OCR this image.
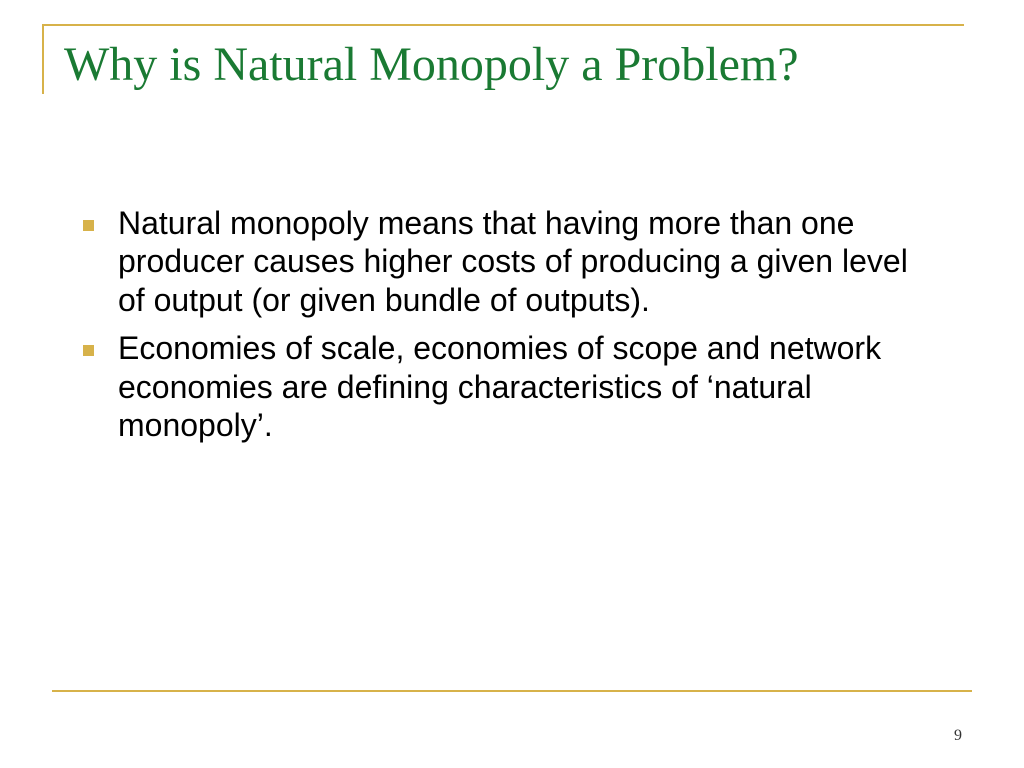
Why is Natural Monopoly a Problem?
Natural monopoly means that having more than one producer causes higher costs of producing a given level of output (or given bundle of outputs).
Economies of scale, economies of scope and network economies are defining characteristics of ‘natural monopoly’.
9
